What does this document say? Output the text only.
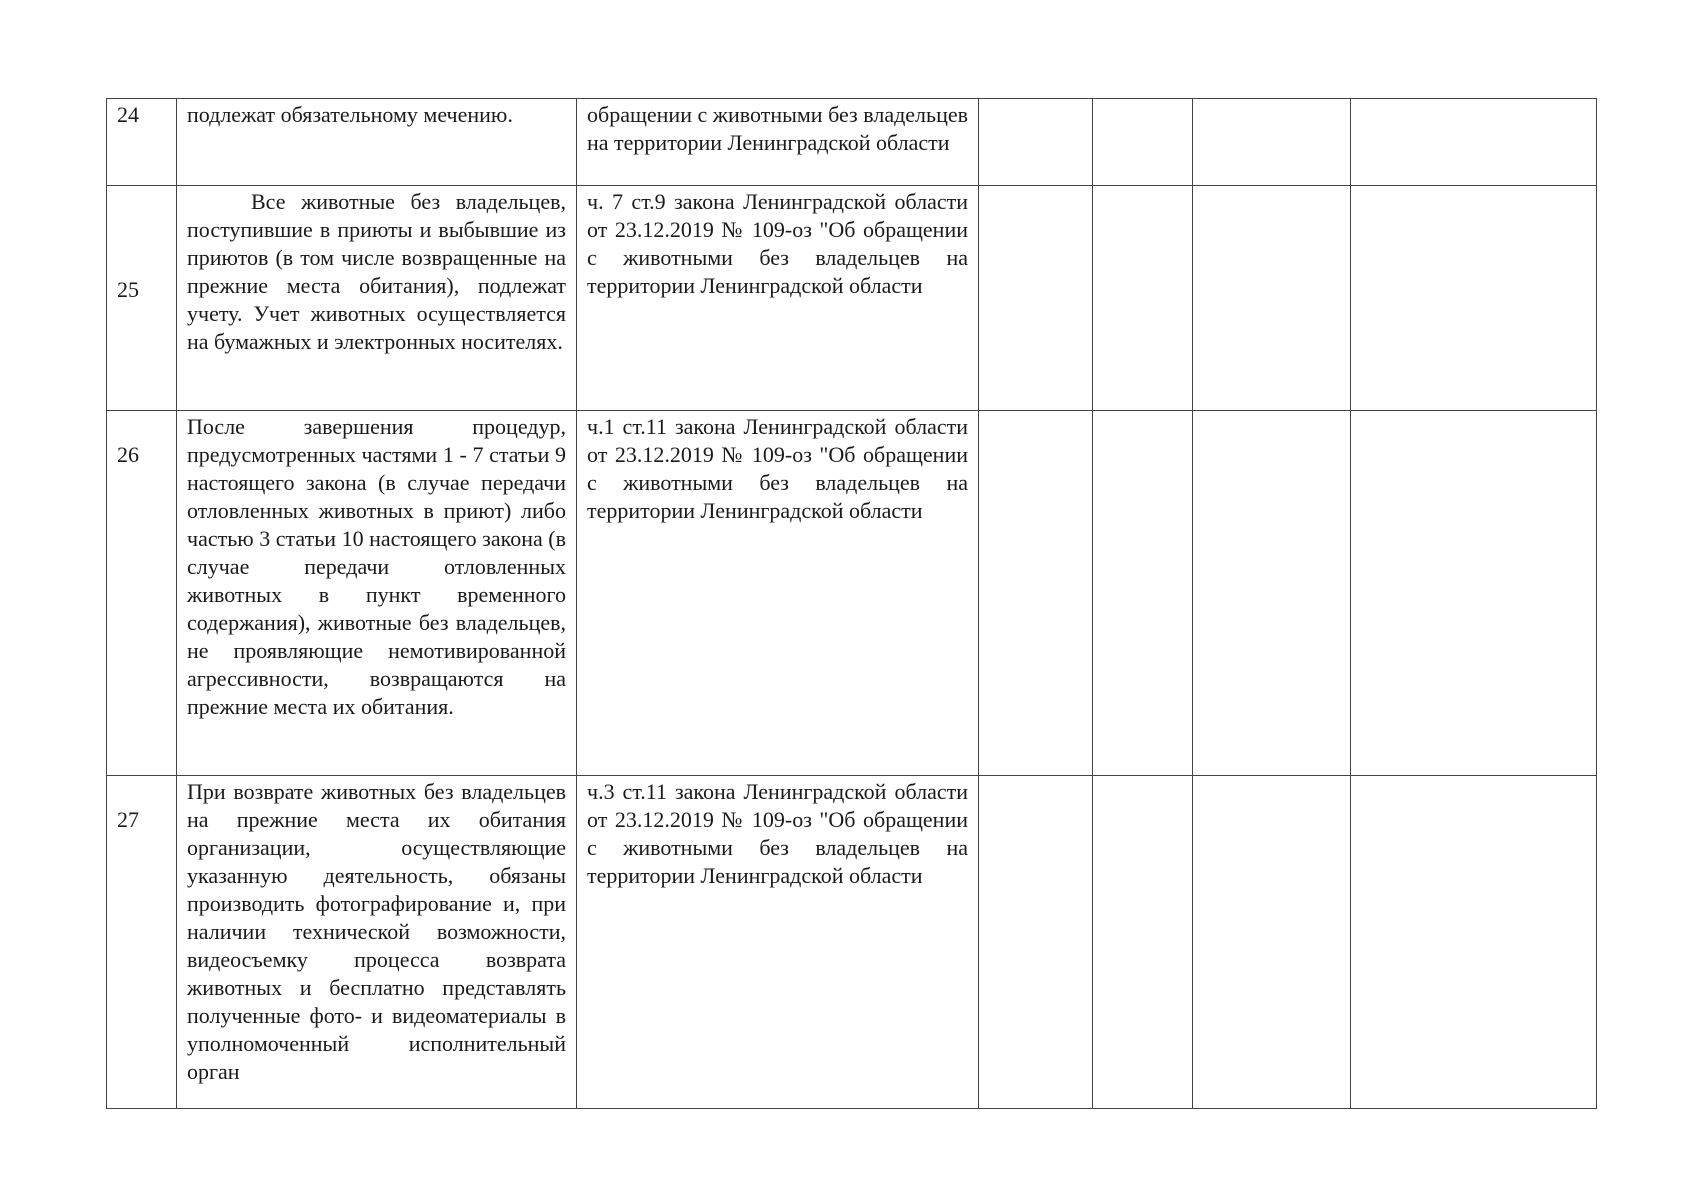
24	подлежат обязательному мечению.	обращении с животными без владельцев на территории Ленинградской области				

25	Все животные без владельцев, поступившие в приюты и выбывшие из приютов (в том числе возвращенные на прежние места обитания), подлежат учету. Учет животных осуществляется на бумажных и электронных носителях.	ч. 7 ст.9 закона Ленинградской области от 23.12.2019 № 109-оз "Об обращении с животными без владельцев на территории Ленинградской области				

26	После завершения процедур, предусмотренных частями 1 - 7 статьи 9 настоящего закона (в случае передачи отловленных животных в приют) либо частью 3 статьи 10 настоящего закона (в случае передачи отловленных животных в пункт временного содержания), животные без владельцев, не проявляющие немотивированной агрессивности, возвращаются на прежние места их обитания.	ч.1 ст.11 закона Ленинградской области от 23.12.2019 № 109-оз "Об обращении с животными без владельцев на территории Ленинградской области				

27	При возврате животных без владельцев на прежние места их обитания организации, осуществляющие указанную деятельность, обязаны производить фотографирование и, при наличии технической возможности, видеосъемку процесса возврата животных и бесплатно представлять полученные фото- и видеоматериалы в уполномоченный исполнительный орган	ч.3 ст.11 закона Ленинградской области от 23.12.2019 № 109-оз "Об обращении с животными без владельцев на территории Ленинградской области				
